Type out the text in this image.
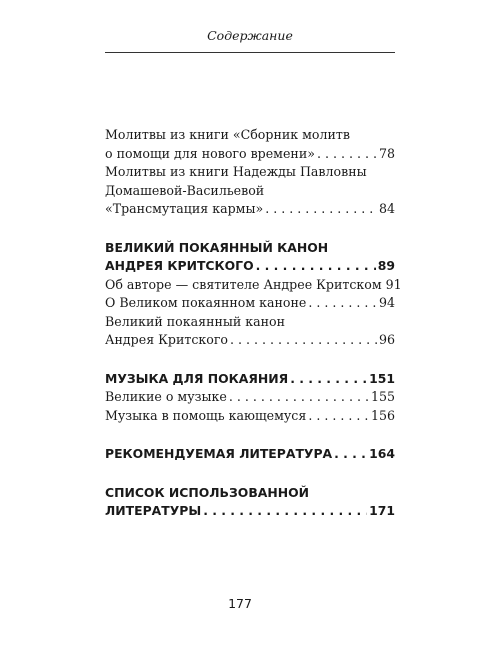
Содержание
Молитвы из книги «Сборник молитв
о помощи для нового времени» . . .	78
Молитвы из книги Надежды Павловны
Домашевой-Васильевой
«Трансмутация кармы» . . .	84
ВЕЛИКИЙ ПОКАЯННЫЙ КАНОН
АНДРЕЯ КРИТСКОГО . . .	89
Об авторе — святителе Андрее Критском 91
О Великом покаянном каноне . . .	94
Великий покаянный канон
Андрея Критского . . .	96
МУЗЫКА ДЛЯ ПОКАЯНИЯ . . .	151
Великие о музыке . . .	155
Музыка в помощь кающемуся . . .	156
РЕКОМЕНДУЕМАЯ ЛИТЕРАТУРА . . .	164
СПИСОК ИСПОЛЬЗОВАННОЙ
ЛИТЕРАТУРЫ . . .	171
177
